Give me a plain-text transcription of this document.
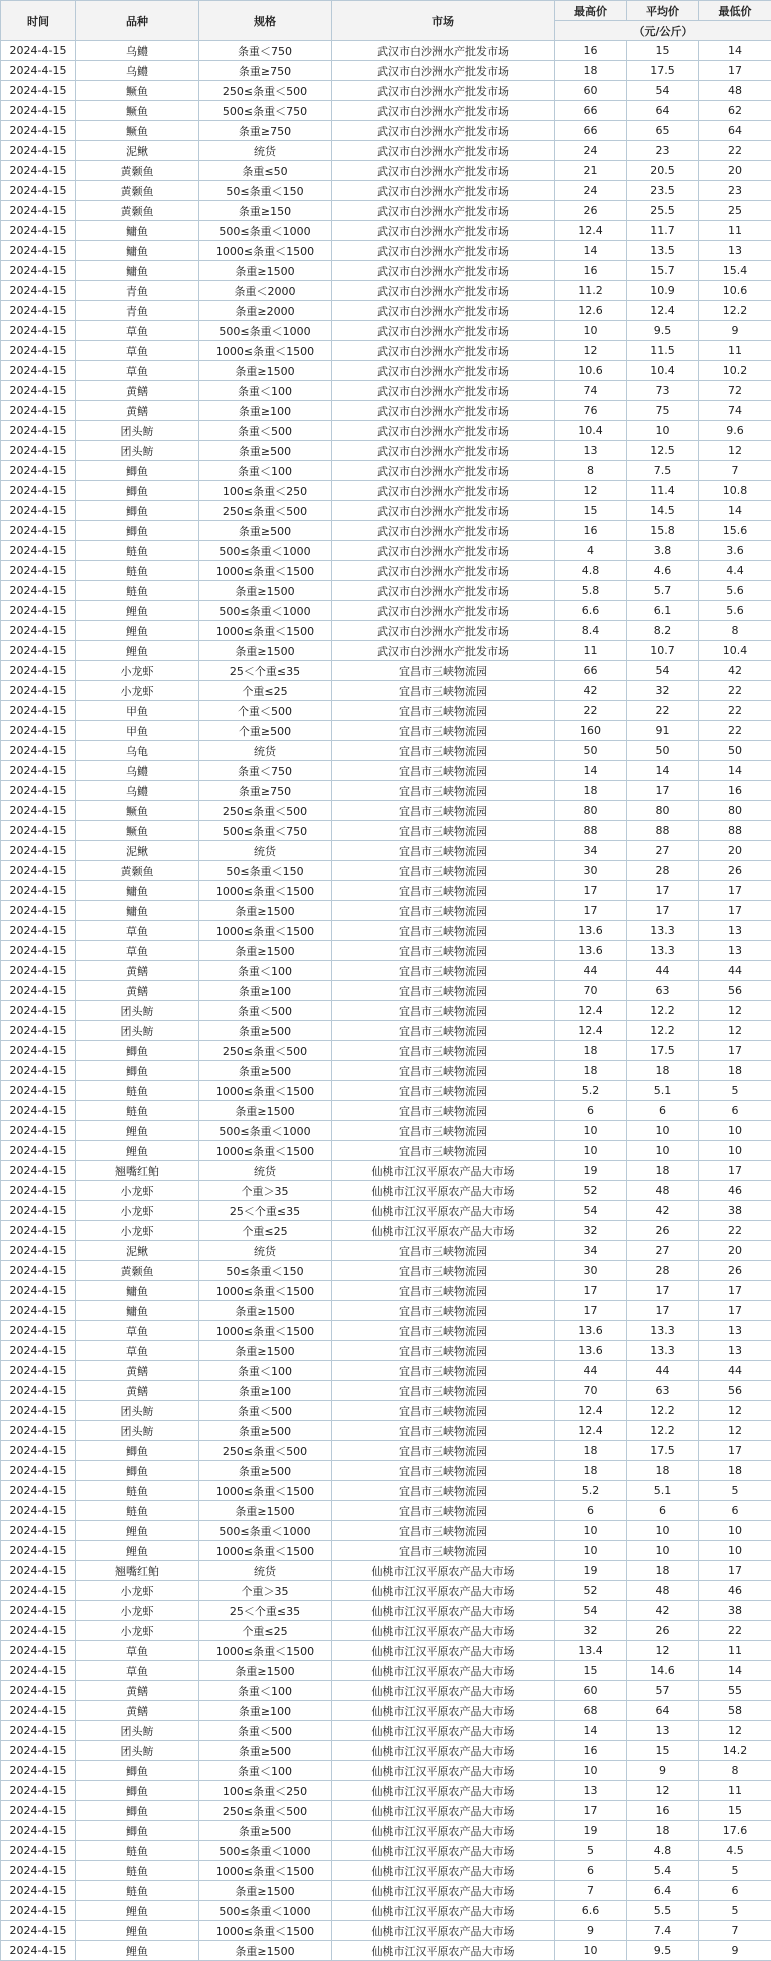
时间	品种	规格	市场	最高价	平均价	最低价
				（元/公斤）		
2024-4-15	乌鳢	条重＜750	武汉市白沙洲水产批发市场	16	15	14
2024-4-15	乌鳢	条重≥750	武汉市白沙洲水产批发市场	18	17.5	17
2024-4-15	鳜鱼	250≤条重＜500	武汉市白沙洲水产批发市场	60	54	48
2024-4-15	鳜鱼	500≤条重＜750	武汉市白沙洲水产批发市场	66	64	62
2024-4-15	鳜鱼	条重≥750	武汉市白沙洲水产批发市场	66	65	64
2024-4-15	泥鳅	统货	武汉市白沙洲水产批发市场	24	23	22
2024-4-15	黄颡鱼	条重≤50	武汉市白沙洲水产批发市场	21	20.5	20
2024-4-15	黄颡鱼	50≤条重＜150	武汉市白沙洲水产批发市场	24	23.5	23
2024-4-15	黄颡鱼	条重≥150	武汉市白沙洲水产批发市场	26	25.5	25
2024-4-15	鳙鱼	500≤条重＜1000	武汉市白沙洲水产批发市场	12.4	11.7	11
2024-4-15	鳙鱼	1000≤条重＜1500	武汉市白沙洲水产批发市场	14	13.5	13
2024-4-15	鳙鱼	条重≥1500	武汉市白沙洲水产批发市场	16	15.7	15.4
2024-4-15	青鱼	条重＜2000	武汉市白沙洲水产批发市场	11.2	10.9	10.6
2024-4-15	青鱼	条重≥2000	武汉市白沙洲水产批发市场	12.6	12.4	12.2
2024-4-15	草鱼	500≤条重＜1000	武汉市白沙洲水产批发市场	10	9.5	9
2024-4-15	草鱼	1000≤条重＜1500	武汉市白沙洲水产批发市场	12	11.5	11
2024-4-15	草鱼	条重≥1500	武汉市白沙洲水产批发市场	10.6	10.4	10.2
2024-4-15	黄鳝	条重＜100	武汉市白沙洲水产批发市场	74	73	72
2024-4-15	黄鳝	条重≥100	武汉市白沙洲水产批发市场	76	75	74
2024-4-15	团头鲂	条重＜500	武汉市白沙洲水产批发市场	10.4	10	9.6
2024-4-15	团头鲂	条重≥500	武汉市白沙洲水产批发市场	13	12.5	12
2024-4-15	鲫鱼	条重＜100	武汉市白沙洲水产批发市场	8	7.5	7
2024-4-15	鲫鱼	100≤条重＜250	武汉市白沙洲水产批发市场	12	11.4	10.8
2024-4-15	鲫鱼	250≤条重＜500	武汉市白沙洲水产批发市场	15	14.5	14
2024-4-15	鲫鱼	条重≥500	武汉市白沙洲水产批发市场	16	15.8	15.6
2024-4-15	鲢鱼	500≤条重＜1000	武汉市白沙洲水产批发市场	4	3.8	3.6
2024-4-15	鲢鱼	1000≤条重＜1500	武汉市白沙洲水产批发市场	4.8	4.6	4.4
2024-4-15	鲢鱼	条重≥1500	武汉市白沙洲水产批发市场	5.8	5.7	5.6
2024-4-15	鲤鱼	500≤条重＜1000	武汉市白沙洲水产批发市场	6.6	6.1	5.6
2024-4-15	鲤鱼	1000≤条重＜1500	武汉市白沙洲水产批发市场	8.4	8.2	8
2024-4-15	鲤鱼	条重≥1500	武汉市白沙洲水产批发市场	11	10.7	10.4
2024-4-15	小龙虾	25＜个重≤35	宜昌市三峡物流园	66	54	42
2024-4-15	小龙虾	个重≤25	宜昌市三峡物流园	42	32	22
2024-4-15	甲鱼	个重＜500	宜昌市三峡物流园	22	22	22
2024-4-15	甲鱼	个重≥500	宜昌市三峡物流园	160	91	22
2024-4-15	乌龟	统货	宜昌市三峡物流园	50	50	50
2024-4-15	乌鳢	条重＜750	宜昌市三峡物流园	14	14	14
2024-4-15	乌鳢	条重≥750	宜昌市三峡物流园	18	17	16
2024-4-15	鳜鱼	250≤条重＜500	宜昌市三峡物流园	80	80	80
2024-4-15	鳜鱼	500≤条重＜750	宜昌市三峡物流园	88	88	88
2024-4-15	泥鳅	统货	宜昌市三峡物流园	34	27	20
2024-4-15	黄颡鱼	50≤条重＜150	宜昌市三峡物流园	30	28	26
2024-4-15	鳙鱼	1000≤条重＜1500	宜昌市三峡物流园	17	17	17
2024-4-15	鳙鱼	条重≥1500	宜昌市三峡物流园	17	17	17
2024-4-15	草鱼	1000≤条重＜1500	宜昌市三峡物流园	13.6	13.3	13
2024-4-15	草鱼	条重≥1500	宜昌市三峡物流园	13.6	13.3	13
2024-4-15	黄鳝	条重＜100	宜昌市三峡物流园	44	44	44
2024-4-15	黄鳝	条重≥100	宜昌市三峡物流园	70	63	56
2024-4-15	团头鲂	条重＜500	宜昌市三峡物流园	12.4	12.2	12
2024-4-15	团头鲂	条重≥500	宜昌市三峡物流园	12.4	12.2	12
2024-4-15	鲫鱼	250≤条重＜500	宜昌市三峡物流园	18	17.5	17
2024-4-15	鲫鱼	条重≥500	宜昌市三峡物流园	18	18	18
2024-4-15	鲢鱼	1000≤条重＜1500	宜昌市三峡物流园	5.2	5.1	5
2024-4-15	鲢鱼	条重≥1500	宜昌市三峡物流园	6	6	6
2024-4-15	鲤鱼	500≤条重＜1000	宜昌市三峡物流园	10	10	10
2024-4-15	鲤鱼	1000≤条重＜1500	宜昌市三峡物流园	10	10	10
2024-4-15	翘嘴红鲌	统货	仙桃市江汉平原农产品大市场	19	18	17
2024-4-15	小龙虾	个重＞35	仙桃市江汉平原农产品大市场	52	48	46
2024-4-15	小龙虾	25＜个重≤35	仙桃市江汉平原农产品大市场	54	42	38
2024-4-15	小龙虾	个重≤25	仙桃市江汉平原农产品大市场	32	26	22
2024-4-15	泥鳅	统货	宜昌市三峡物流园	34	27	20
2024-4-15	黄颡鱼	50≤条重＜150	宜昌市三峡物流园	30	28	26
2024-4-15	鳙鱼	1000≤条重＜1500	宜昌市三峡物流园	17	17	17
2024-4-15	鳙鱼	条重≥1500	宜昌市三峡物流园	17	17	17
2024-4-15	草鱼	1000≤条重＜1500	宜昌市三峡物流园	13.6	13.3	13
2024-4-15	草鱼	条重≥1500	宜昌市三峡物流园	13.6	13.3	13
2024-4-15	黄鳝	条重＜100	宜昌市三峡物流园	44	44	44
2024-4-15	黄鳝	条重≥100	宜昌市三峡物流园	70	63	56
2024-4-15	团头鲂	条重＜500	宜昌市三峡物流园	12.4	12.2	12
2024-4-15	团头鲂	条重≥500	宜昌市三峡物流园	12.4	12.2	12
2024-4-15	鲫鱼	250≤条重＜500	宜昌市三峡物流园	18	17.5	17
2024-4-15	鲫鱼	条重≥500	宜昌市三峡物流园	18	18	18
2024-4-15	鲢鱼	1000≤条重＜1500	宜昌市三峡物流园	5.2	5.1	5
2024-4-15	鲢鱼	条重≥1500	宜昌市三峡物流园	6	6	6
2024-4-15	鲤鱼	500≤条重＜1000	宜昌市三峡物流园	10	10	10
2024-4-15	鲤鱼	1000≤条重＜1500	宜昌市三峡物流园	10	10	10
2024-4-15	翘嘴红鲌	统货	仙桃市江汉平原农产品大市场	19	18	17
2024-4-15	小龙虾	个重＞35	仙桃市江汉平原农产品大市场	52	48	46
2024-4-15	小龙虾	25＜个重≤35	仙桃市江汉平原农产品大市场	54	42	38
2024-4-15	小龙虾	个重≤25	仙桃市江汉平原农产品大市场	32	26	22
2024-4-15	草鱼	1000≤条重＜1500	仙桃市江汉平原农产品大市场	13.4	12	11
2024-4-15	草鱼	条重≥1500	仙桃市江汉平原农产品大市场	15	14.6	14
2024-4-15	黄鳝	条重＜100	仙桃市江汉平原农产品大市场	60	57	55
2024-4-15	黄鳝	条重≥100	仙桃市江汉平原农产品大市场	68	64	58
2024-4-15	团头鲂	条重＜500	仙桃市江汉平原农产品大市场	14	13	12
2024-4-15	团头鲂	条重≥500	仙桃市江汉平原农产品大市场	16	15	14.2
2024-4-15	鲫鱼	条重＜100	仙桃市江汉平原农产品大市场	10	9	8
2024-4-15	鲫鱼	100≤条重＜250	仙桃市江汉平原农产品大市场	13	12	11
2024-4-15	鲫鱼	250≤条重＜500	仙桃市江汉平原农产品大市场	17	16	15
2024-4-15	鲫鱼	条重≥500	仙桃市江汉平原农产品大市场	19	18	17.6
2024-4-15	鲢鱼	500≤条重＜1000	仙桃市江汉平原农产品大市场	5	4.8	4.5
2024-4-15	鲢鱼	1000≤条重＜1500	仙桃市江汉平原农产品大市场	6	5.4	5
2024-4-15	鲢鱼	条重≥1500	仙桃市江汉平原农产品大市场	7	6.4	6
2024-4-15	鲤鱼	500≤条重＜1000	仙桃市江汉平原农产品大市场	6.6	5.5	5
2024-4-15	鲤鱼	1000≤条重＜1500	仙桃市江汉平原农产品大市场	9	7.4	7
2024-4-15	鲤鱼	条重≥1500	仙桃市江汉平原农产品大市场	10	9.5	9
